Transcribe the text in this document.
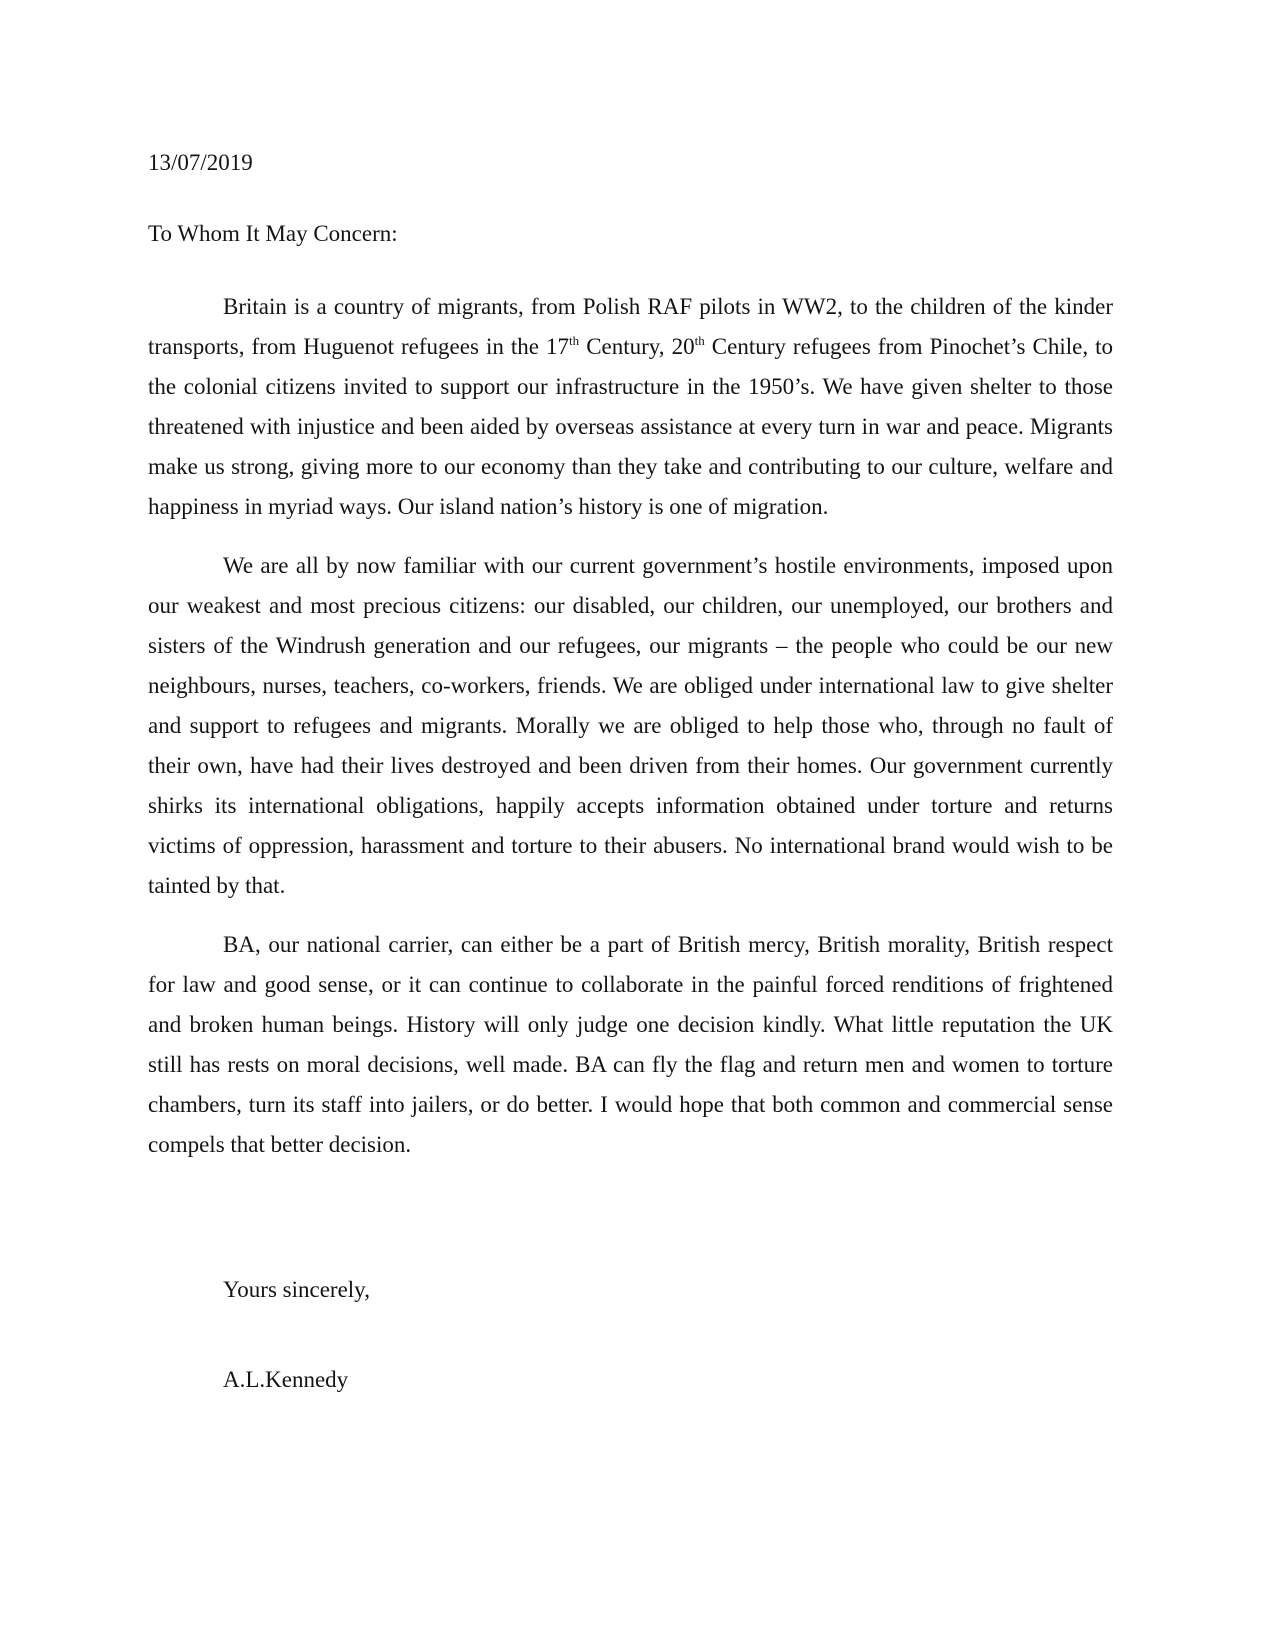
13/07/2019

To Whom It May Concern:

Britain is a country of migrants, from Polish RAF pilots in WW2, to the children of the kinder transports, from Huguenot refugees in the 17th Century, 20th Century refugees from Pinochet’s Chile, to the colonial citizens invited to support our infrastructure in the 1950’s. We have given shelter to those threatened with injustice and been aided by overseas assistance at every turn in war and peace. Migrants make us strong, giving more to our economy than they take and contributing to our culture, welfare and happiness in myriad ways. Our island nation’s history is one of migration.

We are all by now familiar with our current government’s hostile environments, imposed upon our weakest and most precious citizens: our disabled, our children, our unemployed, our brothers and sisters of the Windrush generation and our refugees, our migrants – the people who could be our new neighbours, nurses, teachers, co-workers, friends. We are obliged under international law to give shelter and support to refugees and migrants. Morally we are obliged to help those who, through no fault of their own, have had their lives destroyed and been driven from their homes. Our government currently shirks its international obligations, happily accepts information obtained under torture and returns victims of oppression, harassment and torture to their abusers. No international brand would wish to be tainted by that.

BA, our national carrier, can either be a part of British mercy, British morality, British respect for law and good sense, or it can continue to collaborate in the painful forced renditions of frightened and broken human beings. History will only judge one decision kindly. What little reputation the UK still has rests on moral decisions, well made. BA can fly the flag and return men and women to torture chambers, turn its staff into jailers, or do better. I would hope that both common and commercial sense compels that better decision.

Yours sincerely,

A.L.Kennedy
